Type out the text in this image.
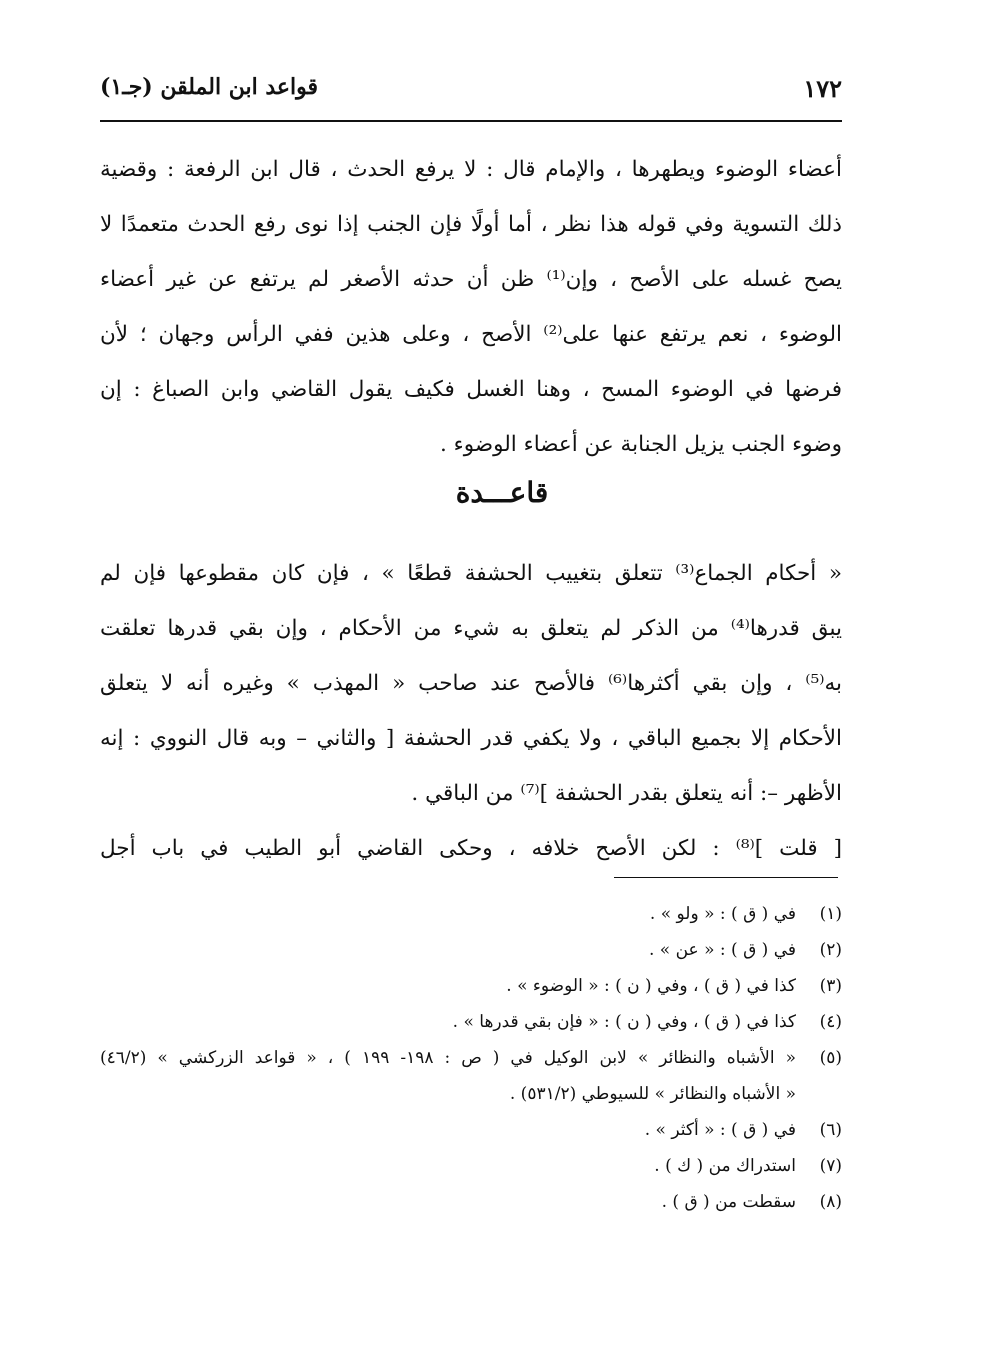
١٧٢
قواعد ابن الملقن (جـ١)
أعضاء الوضوء ويطهرها ، والإمام قال : لا يرفع الحدث ، قال ابن الرفعة : وقضية
ذلك التسوية وفي قوله هذا نظر ، أما أولًا فإن الجنب إذا نوى رفع الحدث متعمدًا لا
يصح غسله على الأصح ، وإن⁽¹⁾ ظن أن حدثه الأصغر لم يرتفع عن غير أعضاء
الوضوء ، نعم يرتفع عنها على⁽²⁾ الأصح ، وعلى هذين ففي الرأس وجهان ؛ لأن
فرضها في الوضوء المسح ، وهنا الغسل فكيف يقول القاضي وابن الصباغ : إن
وضوء الجنب يزيل الجنابة عن أعضاء الوضوء .
قاعـــدة
« أحكام الجماع⁽³⁾ تتعلق بتغييب الحشفة قطعًا » ، فإن كان مقطوعها فإن لم
يبق قدرها⁽⁴⁾ من الذكر لم يتعلق به شيء من الأحكام ، وإن بقي قدرها تعلقت
به⁽⁵⁾ ، وإن بقي أكثرها⁽⁶⁾ فالأصح عند صاحب « المهذب » وغيره أنه لا يتعلق
الأحكام إلا بجميع الباقي ، ولا يكفي قدر الحشفة [ والثاني – وبه قال النووي : إنه
الأظهر –: أنه يتعلق بقدر الحشفة ]⁽⁷⁾ من الباقي .
[ قلت ]⁽⁸⁾ : لكن الأصح خلافه ، وحكى القاضي أبو الطيب في باب أجل
(١)
في ( ق ) : « ولو » .
(٢)
في ( ق ) : « عن » .
(٣)
كذا في ( ق ) ، وفي ( ن ) : « الوضوء » .
(٤)
كذا في ( ق ) ، وفي ( ن ) : « فإن بقي قدرها » .
(٥)
« الأشباه والنظائر » لابن الوكيل في ( ص : ١٩٨- ١٩٩ ) ، « قواعد الزركشي » (٤٦/٢)
« الأشباه والنظائر » للسيوطي (٥٣١/٢) .
(٦)
في ( ق ) : « أكثر » .
(٧)
استدراك من ( ك ) .
(٨)
سقطت من ( ق ) .
